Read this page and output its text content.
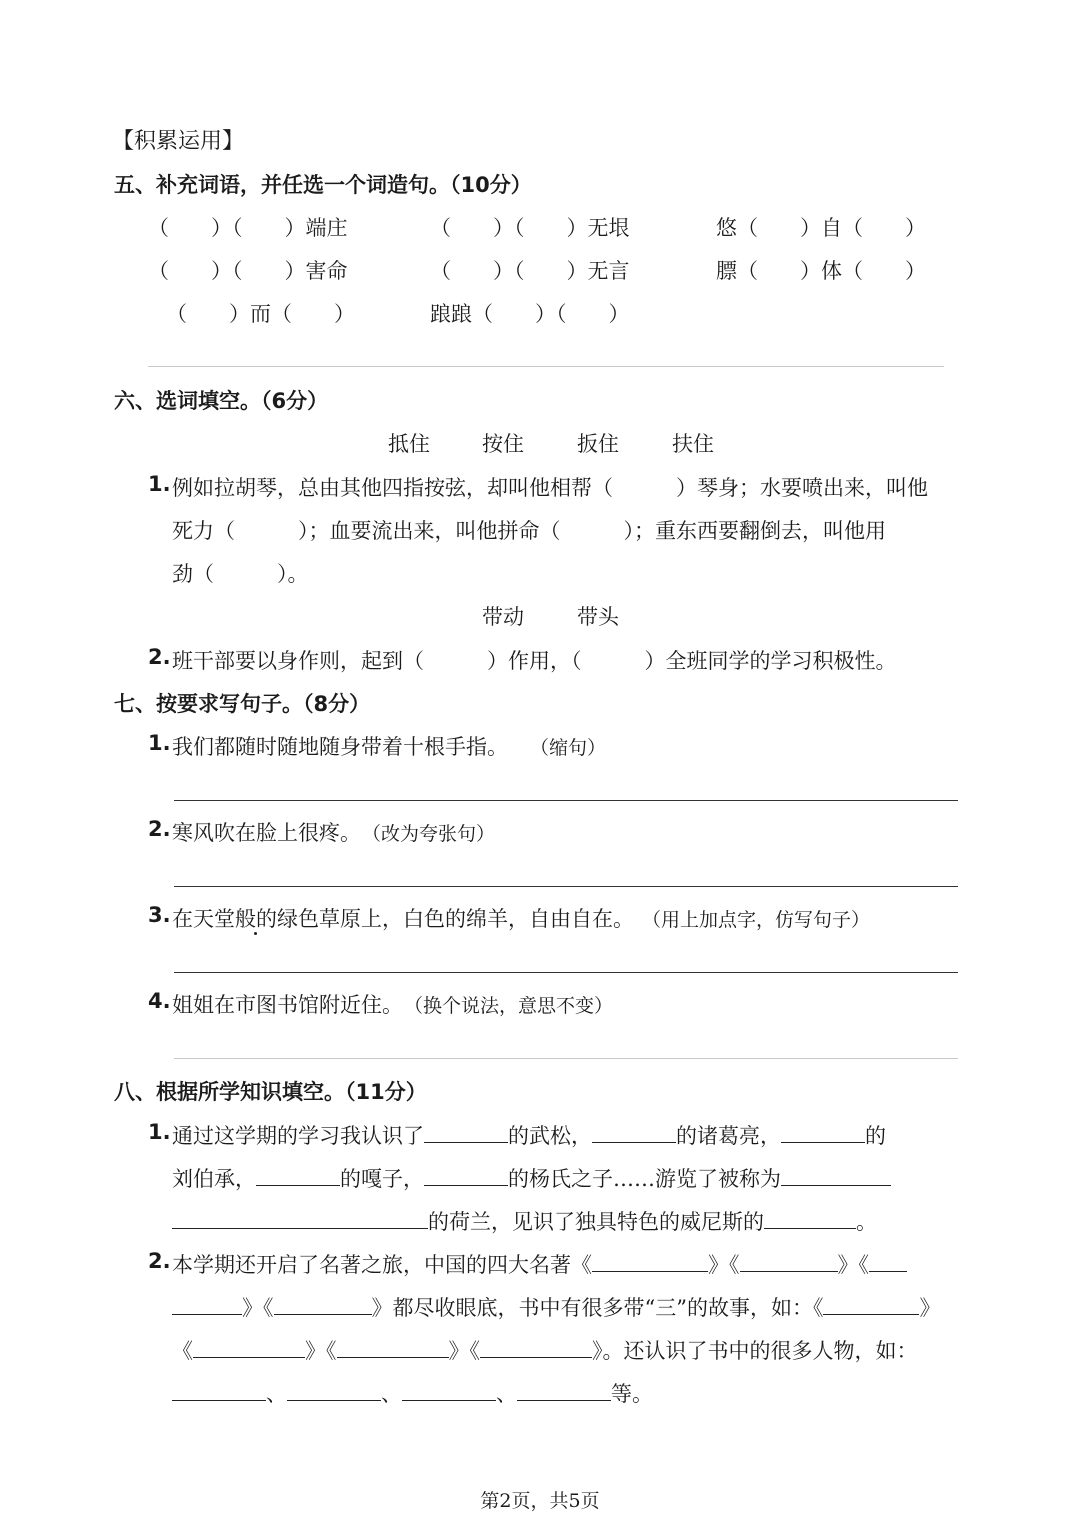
【积累运用】
五、补充词语，并任选一个词造句。（10分）
（　　）（　　）端庄	（　　）（　　）无垠	悠（　　）自（　　）
（　　）（　　）害命	（　　）（　　）无言	膘（　　）体（　　）
（　　）而（　　）	踉踉（　　）（　　）
六、选词填空。（6分）
抵住 按住	扳住	扶住
1. 例如拉胡琴，总由其他四指按弦，却叫他相帮（　　　）琴身；水要喷出来，叫他
死力（　　　）；血要流出来，叫他拼命（　　　）；重东西要翻倒去，叫他用
劲（　　　）。
带动	带头
2. 班干部要以身作则，起到（　　　）作用，（　　　）全班同学的学习积极性。
七、按要求写句子。（8分）
1. 我们都随时随地随身带着十根手指。 （缩句）
2. 寒风吹在脸上很疼。 （改为夸张句）
3. 在天堂般的绿色草原上，白色的绵羊，自由自在。 （用上加点字，仿写句子）
4. 姐姐在市图书馆附近住。 （换个说法，意思不变）
八、根据所学知识填空。（11分）
1. 通过这学期的学习我认识了	的武松，	的诸葛亮，	的
刘伯承，	的嘎子，	的杨氏之子……游览了被称为
的荷兰，见识了独具特色的威尼斯的	。
2. 本学期还开启了名著之旅，中国的四大名著《	》《	》《
》《	》都尽收眼底，书中有很多带“三”的故事，如：《	》
《	》《	》《	》。还认识了书中的很多人物，如：
、	、	、	等。
第2页，共5页
